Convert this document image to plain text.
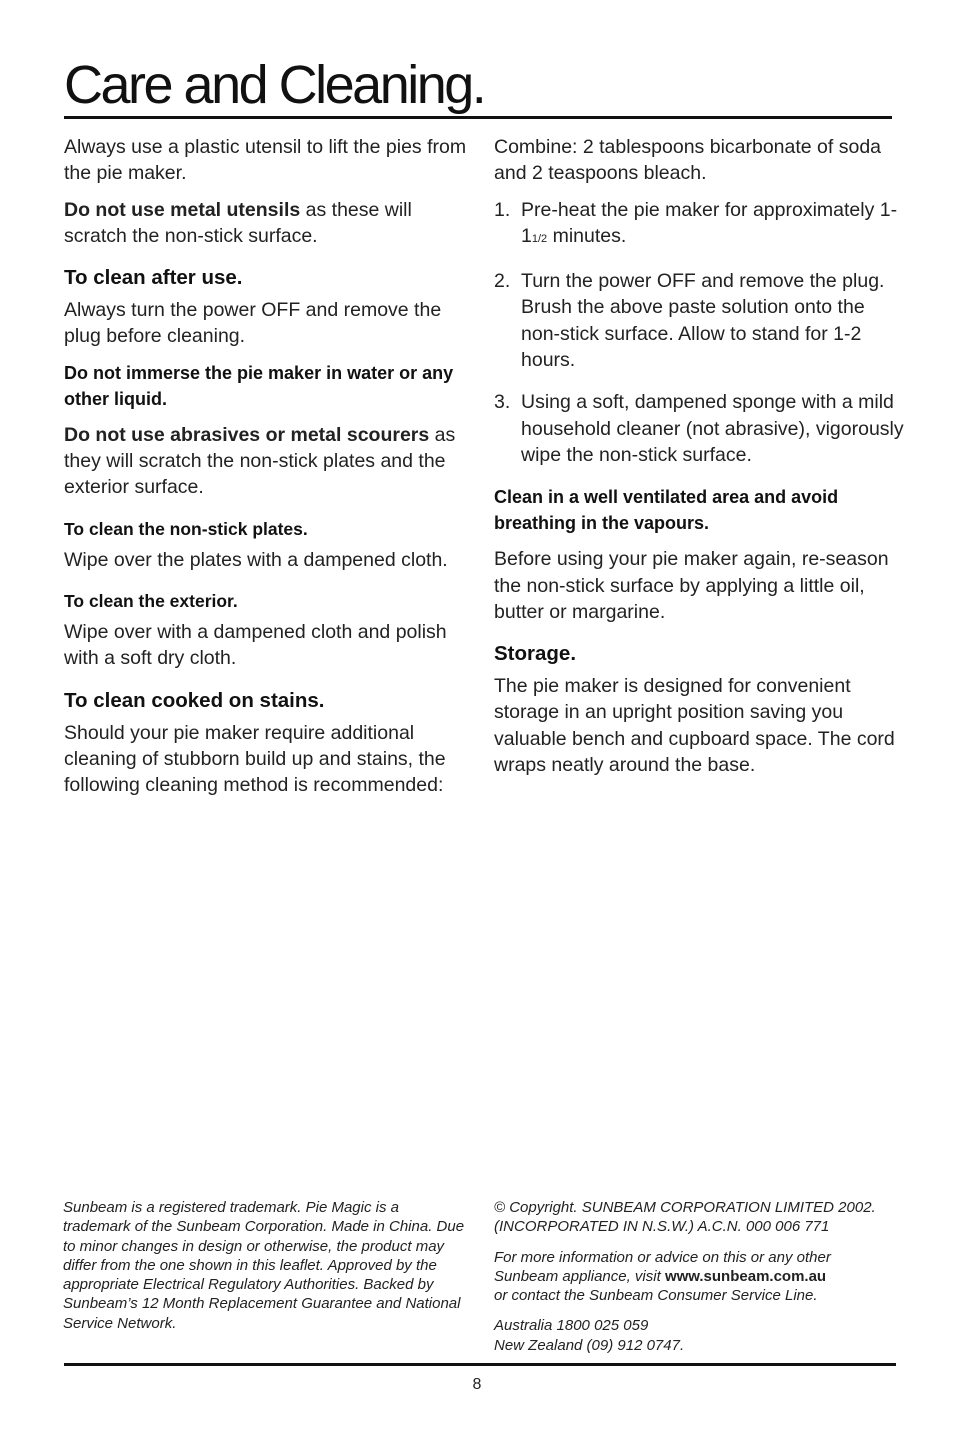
Care and Cleaning.

Always use a plastic utensil to lift the pies from the pie maker.

Do not use metal utensils as these will scratch the non-stick surface.

To clean after use.

Always turn the power OFF and remove the plug before cleaning.

Do not immerse the pie maker in water or any other liquid.

Do not use abrasives or metal scourers as they will scratch the non-stick plates and the exterior surface.

To clean the non-stick plates.

Wipe over the plates with a dampened cloth.

To clean the exterior.

Wipe over with a dampened cloth and polish with a soft dry cloth.

To clean cooked on stains.

Should your pie maker require additional cleaning of stubborn build up and stains, the following cleaning method is recommended:

Combine: 2 tablespoons bicarbonate of soda and 2 teaspoons bleach.

1. Pre-heat the pie maker for approximately 1-11/2 minutes.
2. Turn the power OFF and remove the plug. Brush the above paste solution onto the non-stick surface. Allow to stand for 1-2 hours.
3. Using a soft, dampened sponge with a mild household cleaner (not abrasive), vigorously wipe the non-stick surface.

Clean in a well ventilated area and avoid breathing in the vapours.

Before using your pie maker again, re-season the non-stick surface by applying a little oil, butter or margarine.

Storage.

The pie maker is designed for convenient storage in an upright position saving you valuable bench and cupboard space. The cord wraps neatly around the base.

Sunbeam is a registered trademark. Pie Magic is a trademark of the Sunbeam Corporation. Made in China. Due to minor changes in design or otherwise, the product may differ from the one shown in this leaflet. Approved by the appropriate Electrical Regulatory Authorities. Backed by Sunbeam’s 12 Month Replacement Guarantee and National Service Network.

© Copyright. SUNBEAM CORPORATION LIMITED 2002.
(INCORPORATED IN N.S.W.) A.C.N. 000 006 771

For more information or advice on this or any other
Sunbeam appliance, visit www.sunbeam.com.au
or contact the Sunbeam Consumer Service Line.

Australia 1800 025 059
New Zealand (09) 912 0747.

8
